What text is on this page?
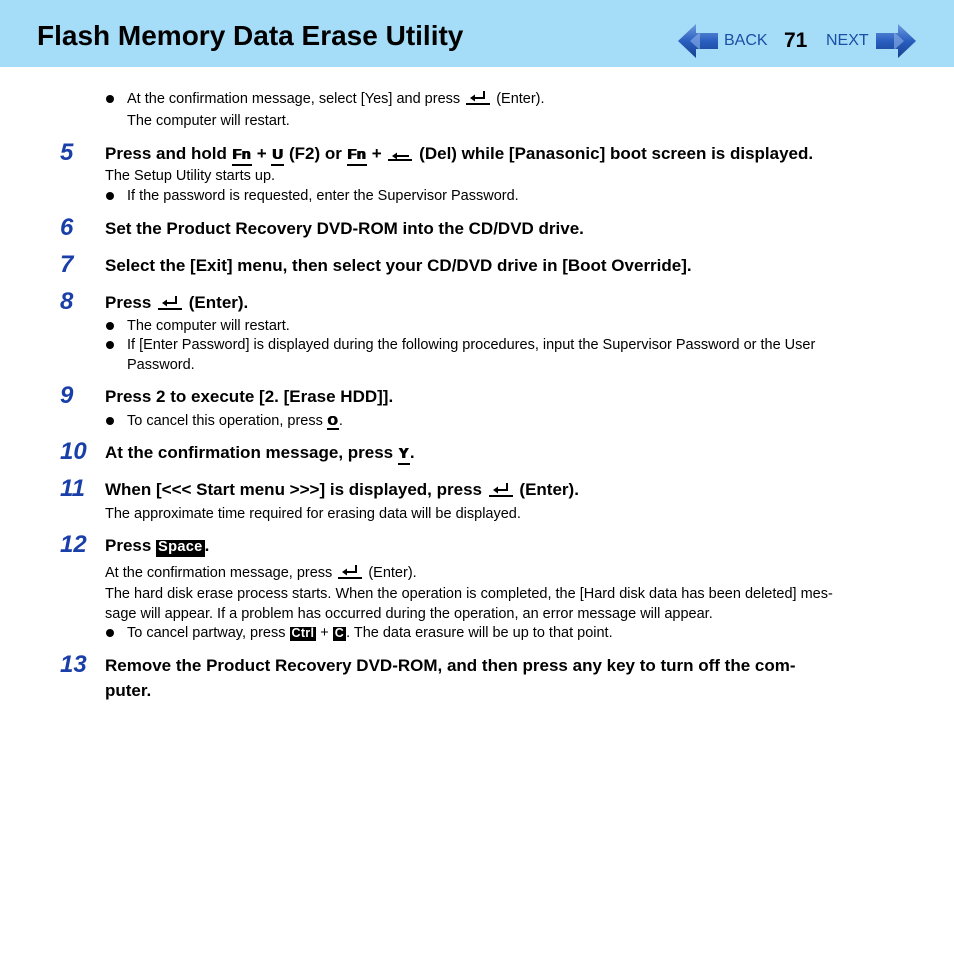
Flash Memory Data Erase Utility	BACK 71 NEXT
At the confirmation message, select [Yes] and press
(Enter).
The computer will restart.
5 Press and hold Fn + U (F2) or Fn +  (Del) while [Panasonic] boot screen is displayed.
The Setup Utility starts up.
If the password is requested, enter the Supervisor Password.
6 Set the Product Recovery DVD-ROM into the CD/DVD drive.
7 Select the [Exit] menu, then select your CD/DVD drive in [Boot Override].
8 Press
(Enter).
The computer will restart.
If [Enter Password] is displayed during the following procedures, input the Supervisor Password or the User
Password.
9 Press 2 to execute [2. [Erase HDD]].
To cancel this operation, press O.
10 At the confirmation message, press Y.
11 When [<<< Start menu >>>] is displayed, press
(Enter).
The approximate time required for erasing data will be displayed.
12 Press Space .
At the confirmation message, press
(Enter).
The hard disk erase process starts. When the operation is completed, the [Hard disk data has been deleted] mes-
sage will appear. If a problem has occurred during the operation, an error message will appear.
To cancel partway, press Ctrl + C . The data erasure will be up to that point.
13 Remove the Product Recovery DVD-ROM, and then press any key to turn off the com-
puter.
